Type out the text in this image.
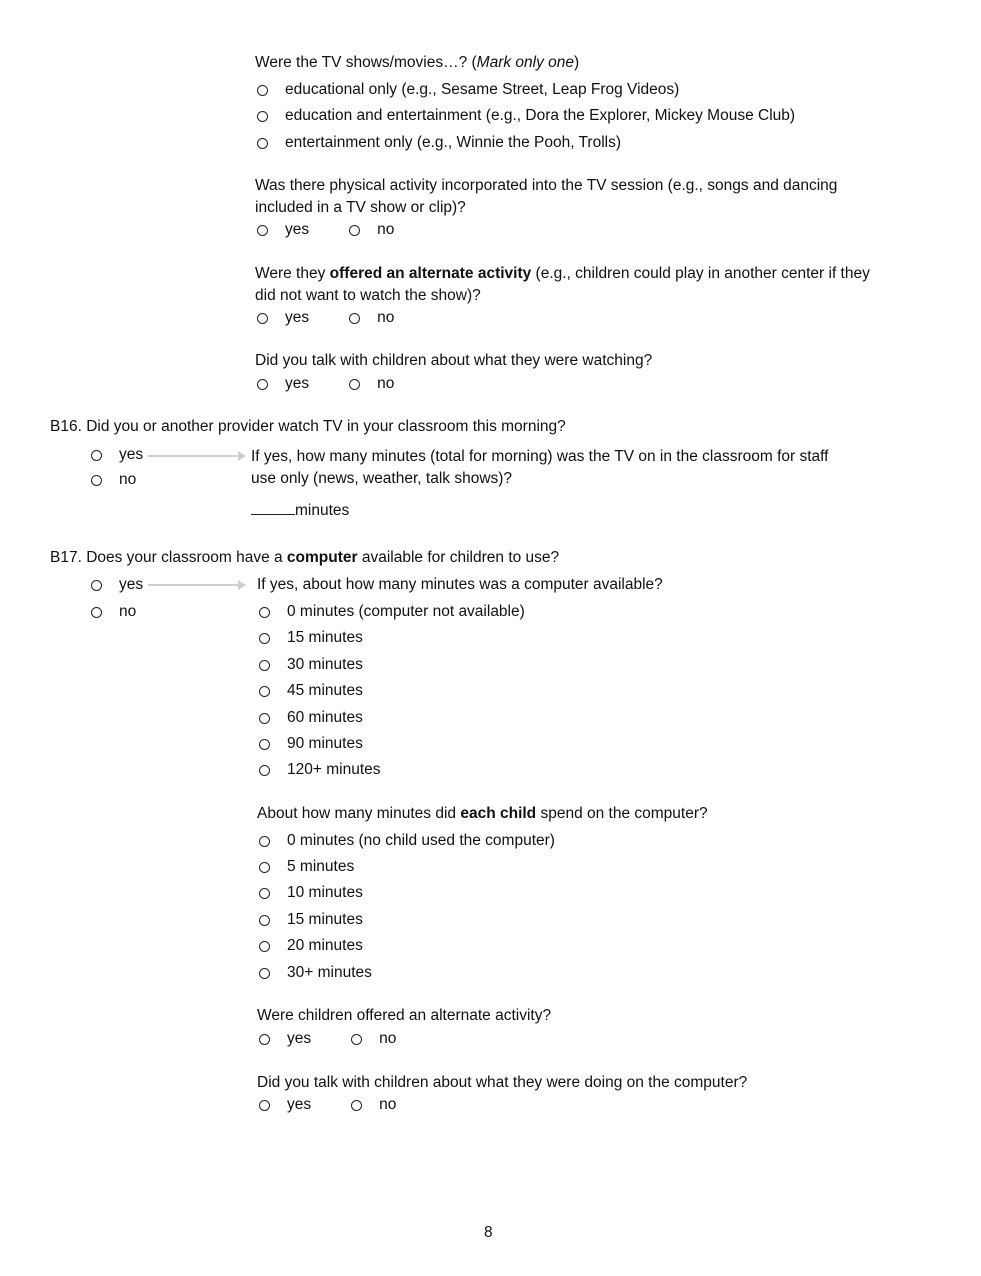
Were the TV shows/movies…? (Mark only one)
educational only (e.g., Sesame Street, Leap Frog Videos)
education and entertainment (e.g., Dora the Explorer, Mickey Mouse Club)
entertainment only (e.g., Winnie the Pooh, Trolls)
Was there physical activity incorporated into the TV session (e.g., songs and dancing
included in a TV show or clip)?
yes	no
Were they offered an alternate activity (e.g., children could play in another center if they
did not want to watch the show)?
yes	no
Did you talk with children about what they were watching?
yes	no
B16. Did you or another provider watch TV in your classroom this morning?
yes
no
If yes, how many minutes (total for morning) was the TV on in the classroom for staff
use only (news, weather, talk shows)?
minutes
B17. Does your classroom have a computer available for children to use?
yes
no
If yes, about how many minutes was a computer available?
0 minutes (computer not available)
15 minutes
30 minutes
45 minutes
60 minutes
90 minutes
120+ minutes
About how many minutes did each child spend on the computer?
0 minutes (no child used the computer)
5 minutes
10 minutes
15 minutes
20 minutes
30+ minutes
Were children offered an alternate activity?
yes	no
Did you talk with children about what they were doing on the computer?
yes	no
8
